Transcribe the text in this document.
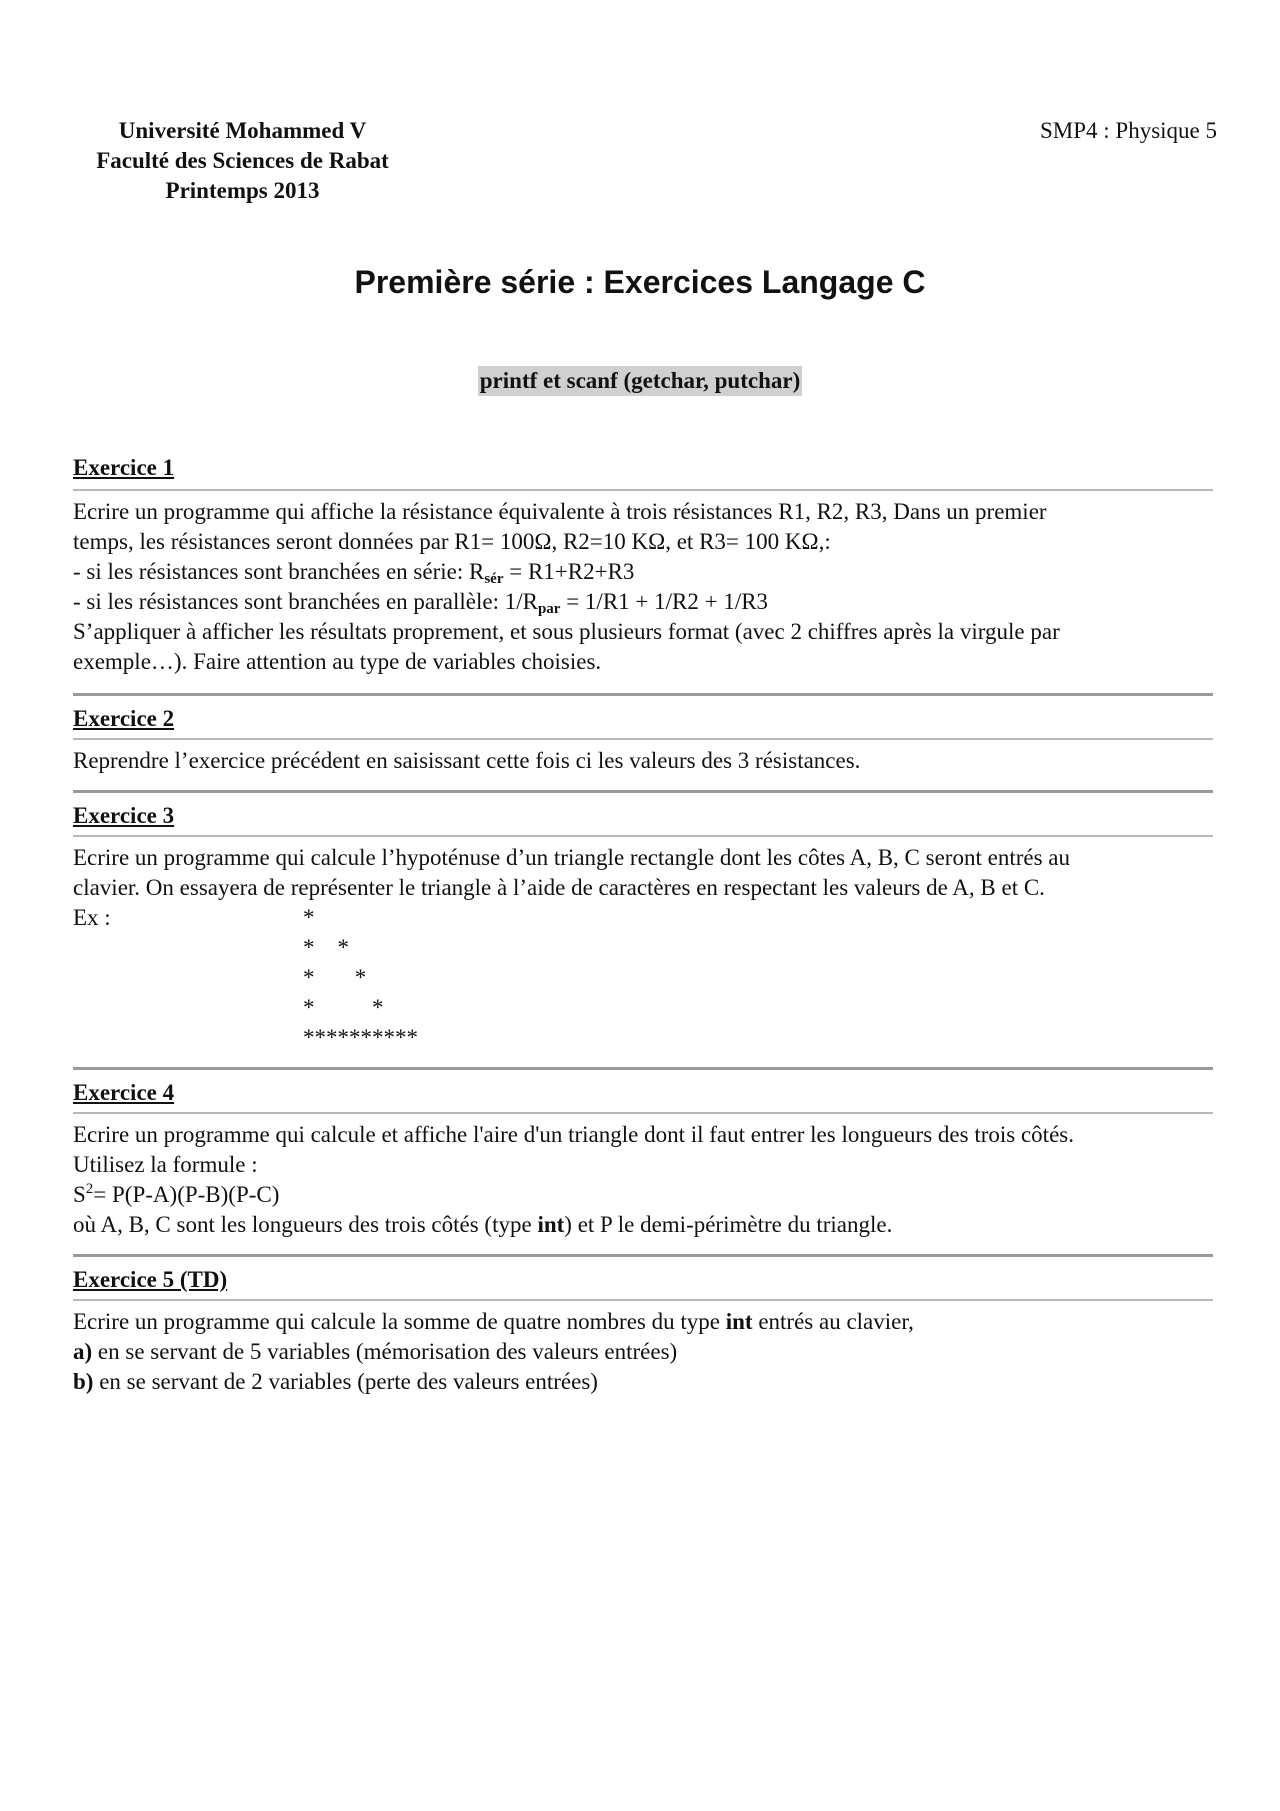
Université Mohammed V
Faculté des Sciences de Rabat
Printemps 2013
SMP4 : Physique 5
Première série : Exercices Langage C
printf et scanf (getchar, putchar)

Exercice 1

Ecrire un programme qui affiche la résistance équivalente à trois résistances R1, R2, R3, Dans un premier

temps, les résistances seront données par R1= 100Ω, R2=10 KΩ, et R3= 100 KΩ,:

- si les résistances sont branchées en série: $R_{sér} = R1+R2+R3$

- si les résistances sont branchées en parallèle: $1/R_{par} = 1/R1 + 1/R2 + 1/R3$

S’appliquer à afficher les résultats proprement, et sous plusieurs format (avec 2 chiffres après la virgule par

exemple…). Faire attention au type de variables choisies.

Exercice 2

Reprendre l’exercice précédent en saisissant cette fois ci les valeurs des 3 résistances.

Exercice 3

Ecrire un programme qui calcule l’hypoténuse d’un triangle rectangle dont les côtes A, B, C seront entrés au

clavier. On essayera de représenter le triangle à l’aide de caractères en respectant les valeurs de A, B et C.

Ex :	*
*    *
*       *
*          *
**********

Exercice 4

Ecrire un programme qui calcule et affiche l'aire d'un triangle dont il faut entrer les longueurs des trois côtés.

Utilisez la formule :

$S^2= P(P-A)(P-B)(P-C)$

où A, B, C sont les longueurs des trois côtés (type int) et P le demi-périmètre du triangle.

Exercice 5 (TD)

Ecrire un programme qui calcule la somme de quatre nombres du type int entrés au clavier,

a) en se servant de 5 variables (mémorisation des valeurs entrées)

b) en se servant de 2 variables (perte des valeurs entrées)
